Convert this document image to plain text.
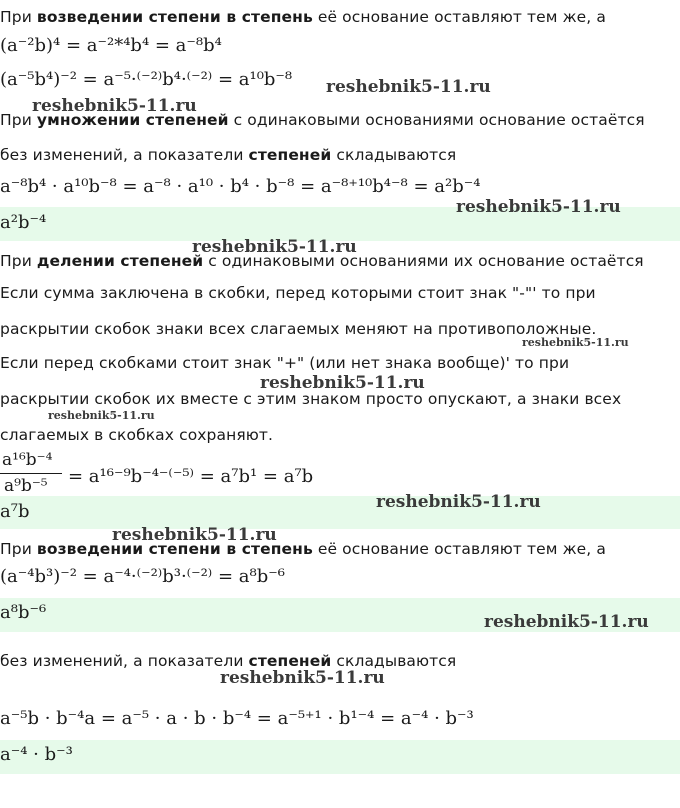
При возведении степени в степень её основание оставляют тем же, а
(a⁻²b)⁴ = a⁻²*⁴b⁴ = a⁻⁸b⁴
(a⁻⁵b⁴)⁻² = a⁻⁵·⁽⁻²⁾b⁴·⁽⁻²⁾ = a¹⁰b⁻⁸ reshebnik5-11.ru
reshebnik5-11.ru
При умножении степеней с одинаковыми основаниями основание остаётся
без изменений, а показатели степеней складываются
a⁻⁸b⁴ · a¹⁰b⁻⁸ = a⁻⁸ · a¹⁰ · b⁴ · b⁻⁸ = a⁻⁸⁺¹⁰b⁴⁻⁸ = a²b⁻⁴
reshebnik5-11.ru
a²b⁻⁴
reshebnik5-11.ru
При делении степеней с одинаковыми основаниями их основание остаётся
Если сумма заключена в скобки, перед которыми стоит знак "-"' то при
раскрытии скобок знаки всех слагаемых меняют на противоположные.
reshebnik5-11.ru
Если перед скобками стоит знак "+" (или нет знака вообще)' то при
reshebnik5-11.ru
раскрытии скобок их вместе с этим знаком просто опускают, а знаки всех
reshebnik5-11.ru
слагаемых в скобках сохраняют.
a¹⁶b⁻⁴
a⁹b⁻⁵ = a¹⁶⁻⁹b⁻⁴⁻⁽⁻⁵⁾ = a⁷b¹ = a⁷b
reshebnik5-11.ru
a⁷b
reshebnik5-11.ru
При возведении степени в степень её основание оставляют тем же, а
(a⁻⁴b³)⁻² = a⁻⁴·⁽⁻²⁾b³·⁽⁻²⁾ = a⁸b⁻⁶
a⁸b⁻⁶	reshebnik5-11.ru
без изменений, а показатели степеней складываются
reshebnik5-11.ru
a⁻⁵b · b⁻⁴a = a⁻⁵ · a · b · b⁻⁴ = a⁻⁵⁺¹ · b¹⁻⁴ = a⁻⁴ · b⁻³
a⁻⁴ · b⁻³
